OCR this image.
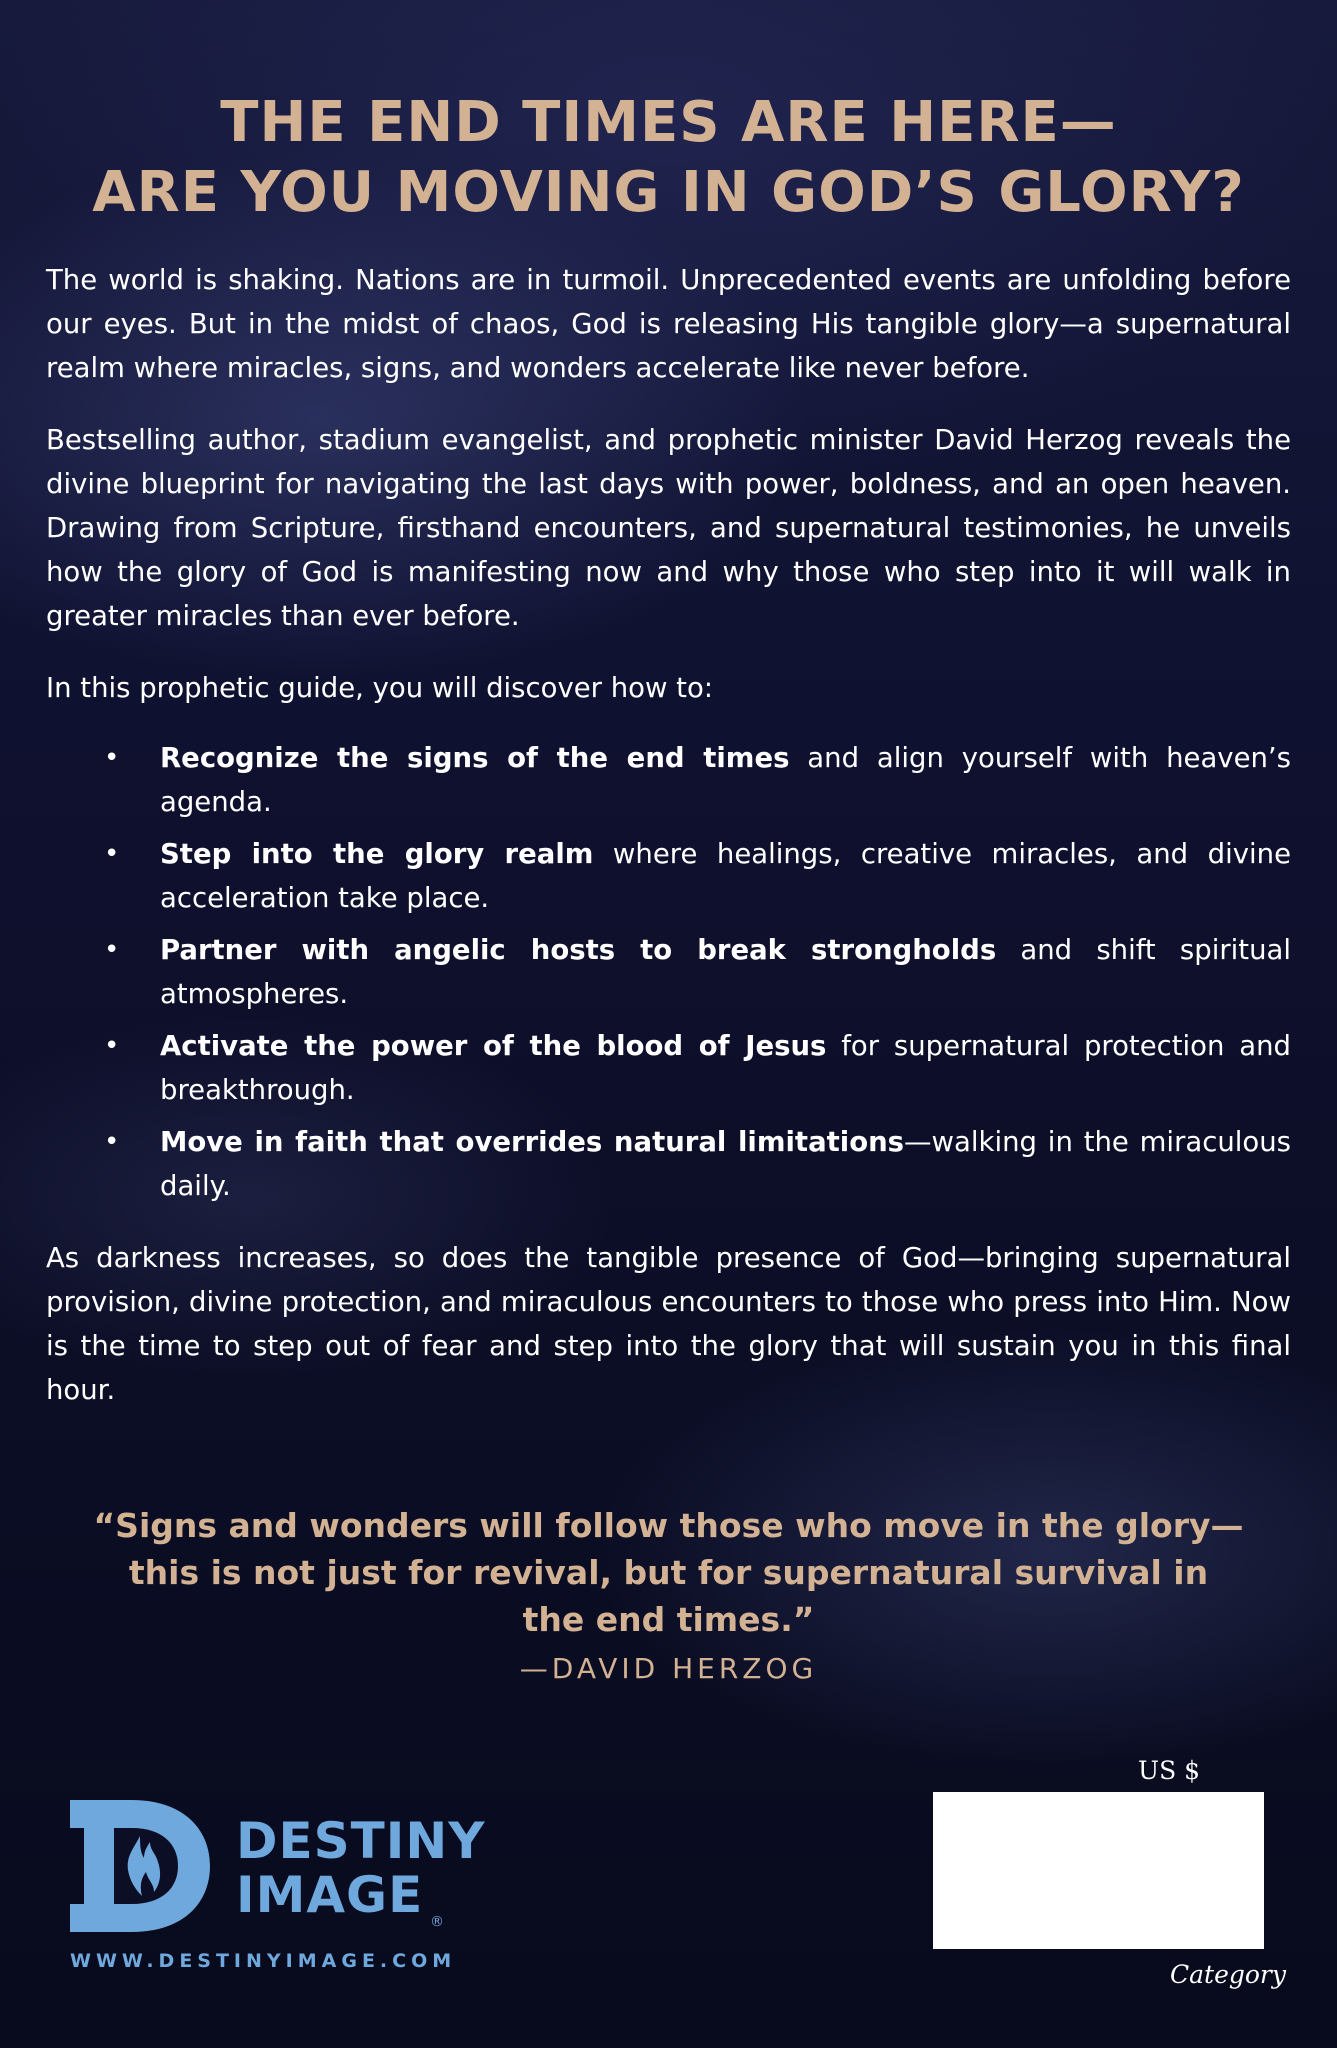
THE END TIMES ARE HERE—
ARE YOU MOVING IN GOD’S GLORY?

The world is shaking. Nations are in turmoil. Unprecedented events are unfolding before our eyes. But in the midst of chaos, God is releasing His tangible glory—a supernatural realm where miracles, signs, and wonders accelerate like never before.

Bestselling author, stadium evangelist, and prophetic minister David Herzog reveals the divine blueprint for navigating the last days with power, boldness, and an open heaven. Drawing from Scripture, firsthand encounters, and supernatural testimonies, he unveils how the glory of God is manifesting now and why those who step into it will walk in greater miracles than ever before.

In this prophetic guide, you will discover how to:

• Recognize the signs of the end times and align yourself with heaven’s agenda.
• Step into the glory realm where healings, creative miracles, and divine acceleration take place.
• Partner with angelic hosts to break strongholds and shift spiritual atmospheres.
• Activate the power of the blood of Jesus for supernatural protection and breakthrough.
• Move in faith that overrides natural limitations—walking in the miraculous daily.

As darkness increases, so does the tangible presence of God—bringing supernatural provision, divine protection, and miraculous encounters to those who press into Him. Now is the time to step out of fear and step into the glory that will sustain you in this final hour.

“Signs and wonders will follow those who move in the glory—
this is not just for revival, but for supernatural survival in
the end times.”
—DAVID HERZOG
DESTINY
IMAGE ®
WWW.DESTINYIMAGE.COM
US $
Category
